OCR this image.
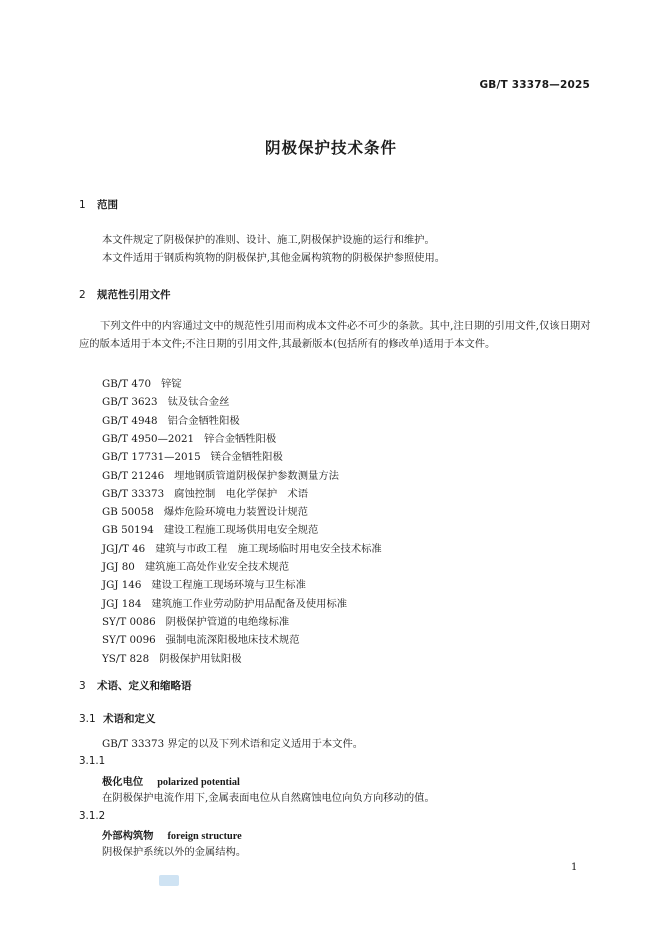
GB/T 33378—2025
阴极保护技术条件
1 范围
本文件规定了阴极保护的准则、设计、施工,阴极保护设施的运行和维护。
本文件适用于钢质构筑物的阴极保护,其他金属构筑物的阴极保护参照使用。
2 规范性引用文件
下列文件中的内容通过文中的规范性引用而构成本文件必不可少的条款。其中,注日期的引用文件,仅该日期对应的版本适用于本文件;不注日期的引用文件,其最新版本(包括所有的修改单)适用于本文件。
GB/T 470 锌锭
GB/T 3623 钛及钛合金丝
GB/T 4948 铝合金牺牲阳极
GB/T 4950—2021 锌合金牺牲阳极
GB/T 17731—2015 镁合金牺牲阳极
GB/T 21246 埋地钢质管道阴极保护参数测量方法
GB/T 33373 腐蚀控制　电化学保护　术语
GB 50058 爆炸危险环境电力装置设计规范
GB 50194 建设工程施工现场供用电安全规范
JGJ/T 46 建筑与市政工程　施工现场临时用电安全技术标准
JGJ 80 建筑施工高处作业安全技术规范
JGJ 146 建设工程施工现场环境与卫生标准
JGJ 184 建筑施工作业劳动防护用品配备及使用标准
SY/T 0086 阴极保护管道的电绝缘标准
SY/T 0096 强制电流深阳极地床技术规范
YS/T 828 阴极保护用钛阳极
3 术语、定义和缩略语
3.1 术语和定义
GB/T 33373 界定的以及下列术语和定义适用于本文件。
3.1.1
极化电位 polarized potential
在阴极保护电流作用下,金属表面电位从自然腐蚀电位向负方向移动的值。
3.1.2
外部构筑物 foreign structure
阴极保护系统以外的金属结构。
1
